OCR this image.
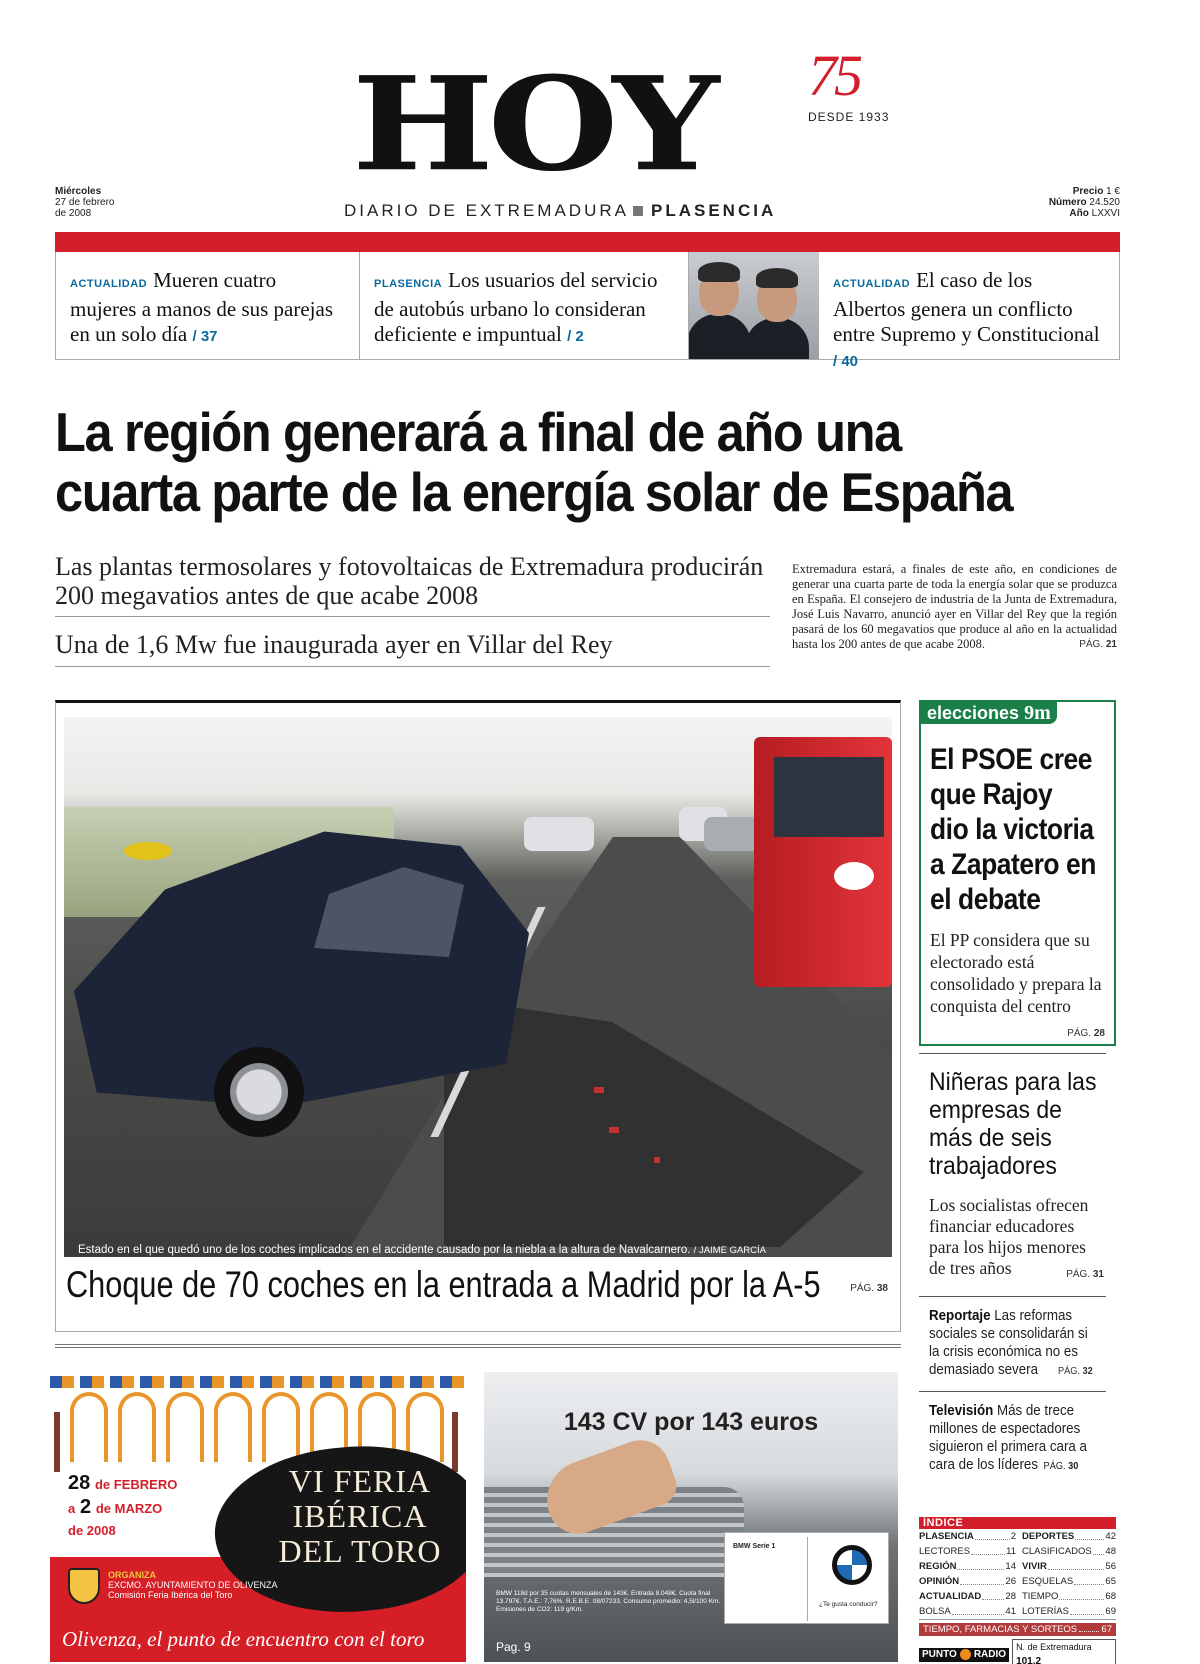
Miércoles
27 de febrero
de 2008
HOY 75
DESDE 1933
DIARIO DE EXTREMADURA PLASENCIA
Precio 1 €
Número 24.520
Año LXXVI
ACTUALIDAD Mueren cuatro mujeres a manos de sus parejas en un solo día / 37
PLASENCIA Los usuarios del servicio de autobús urbano lo consideran deficiente e impuntual / 2
ACTUALIDAD El caso de los Albertos genera un conflicto entre Supremo y Constitucional / 40
La región generará a final de año una
cuarta parte de la energía solar de España
Las plantas termosolares y fotovoltaicas de Extremadura producirán 200 megavatios antes de que acabe 2008
Una de 1,6 Mw fue inaugurada ayer en Villar del Rey
Extremadura estará, a finales de este año, en condiciones de generar una cuarta parte de toda la energía solar que se produzca en España. El consejero de industria de la Junta de Extremadura, José Luis Navarro, anunció ayer en Villar del Rey que la región pasará de los 60 megavatios que produce al año en la actualidad hasta los 200 antes de que acabe 2008.	PÁG. 21
Estado en el que quedó uno de los coches implicados en el accidente causado por la niebla a la altura de Navalcarnero. / JAIME GARCÍA
Choque de 70 coches en la entrada a Madrid por la A-5	PÁG. 38
elecciones 9m
El PSOE cree que Rajoy dio la victoria a Zapatero en el debate
El PP considera que su electorado está consolidado y prepara la conquista del centro
PÁG. 28
Niñeras para las empresas de más de seis trabajadores
Los socialistas ofrecen financiar educadores para los hijos menores de tres años	PÁG. 31
Reportaje Las reformas sociales se consolidarán si la crisis económica no es demasiado severa PÁG. 32
Televisión Más de trece millones de espectadores siguieron el primera cara a cara de los líderes PÁG. 30
ÍNDICE
PLASENCIA	2 DEPORTES	42
LECTORES	11 CLASIFICADOS 48
REGIÓN	14 VIVIR	56
OPINIÓN	26 ESQUELAS	65
ACTUALIDAD	28 TIEMPO	68
BOLSA	41 LOTERÍAS	69
TIEMPO, FARMACIAS Y SORTEOS	67
PUNTO RADIO
N. de Extremadura 101.2
28 de FEBRERO
a 2 de MARZO
de 2008
VI FERIA
IBÉRICA
DEL TORO
ORGANIZA
EXCMO. AYUNTAMIENTO DE OLIVENZA
Comisión Feria Ibérica del Toro
Olivenza, el punto de encuentro con el toro
143 CV por 143 euros
BMW Serie 1
¿Te gusta conducir?
BMW 118d por 35 cuotas mensuales de 143€. Entrada 8.048€. Cuota final 13.797€. T.A.E.: 7,76%. R.E.B.E. 08/07233. Consumo promedio: 4,5l/100 Km. Emisiones de CO2: 119 g/Km.
Pag. 9
